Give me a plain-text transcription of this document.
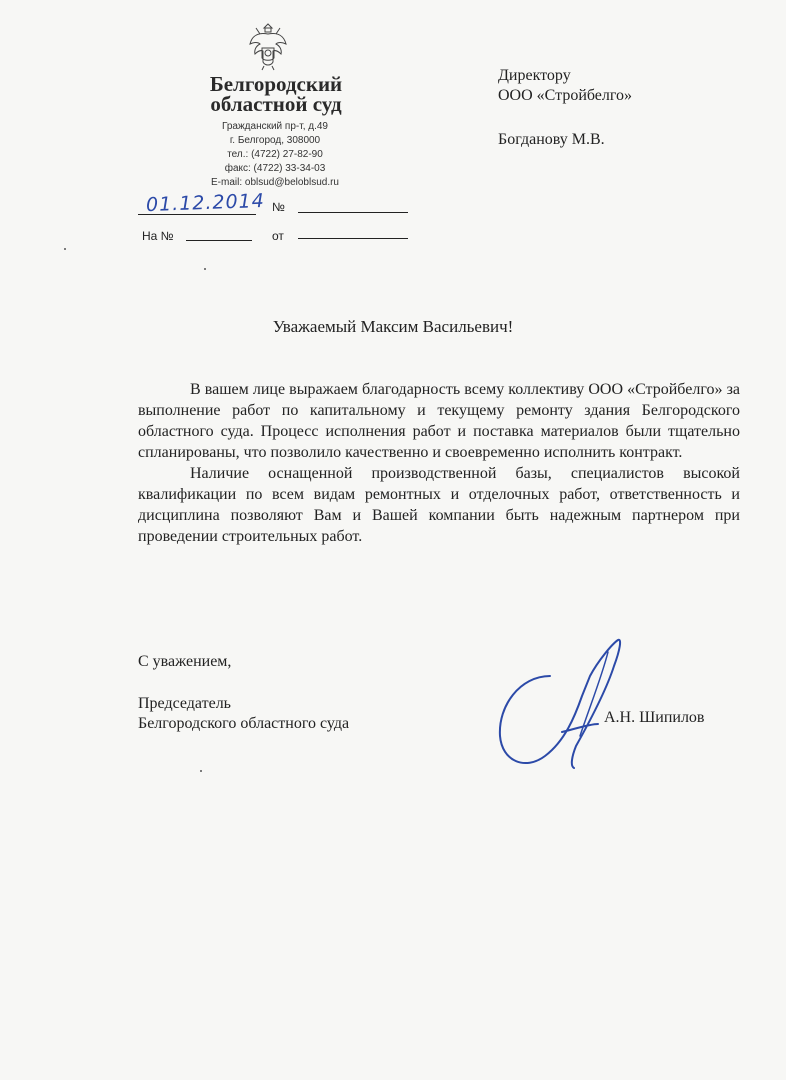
Белгородский
областной суд
Гражданский пр-т, д.49
г. Белгород, 308000
тел.: (4722) 27-82-90
факс: (4722) 33-34-03
E-mail: oblsud@beloblsud.ru
01.12.2014 №
На №	от
Директору
ООО «Стройбелго»
Богданову М.В.
Уважаемый Максим Васильевич!

В вашем лице выражаем благодарность всему коллективу ООО «Стройбелго» за выполнение работ по капитальному и текущему ремонту здания Белгородского областного суда. Процесс исполнения работ и поставка материалов были тщательно спланированы, что позволило качественно и своевременно исполнить контракт.

Наличие оснащенной производственной базы, специалистов высокой квалификации по всем видам ремонтных и отделочных работ, ответственность и дисциплина позволяют Вам и Вашей компании быть надежным партнером при проведении строительных работ.

С уважением,
Председатель
Белгородского областного суда	А.Н. Шипилов
